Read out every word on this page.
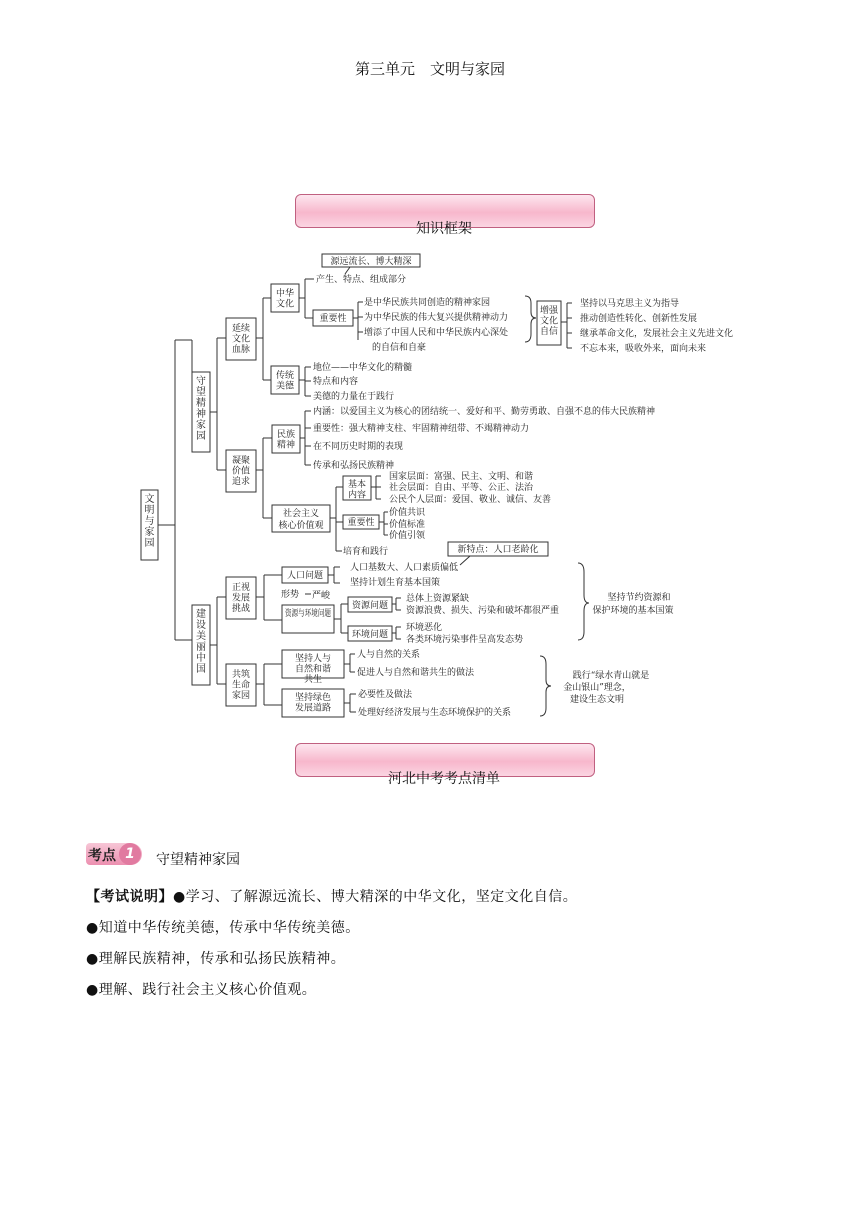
第三单元　文明与家园
知识框架
文明与家园
守望精神家园
建设美丽中国
延续文化血脉
凝聚价值追求
正视发展挑战
共筑生命家园
中华文化
传统美德
源远流长、博大精深
产生、特点、组成部分
重要性
是中华民族共同创造的精神家园
为中华民族的伟大复兴提供精神动力
增添了中国人民和中华民族内心深处
的自信和自豪
增强文化自信
坚持以马克思主义为指导
推动创造性转化、创新性发展
继承革命文化，发展社会主义先进文化
不忘本来，吸收外来，面向未来
地位——中华文化的精髓
特点和内容
美德的力量在于践行
民族精神
内涵：以爱国主义为核心的团结统一、爱好和平、勤劳勇敢、自强不息的伟大民族精神
重要性：强大精神支柱、牢固精神纽带、不竭精神动力
在不同历史时期的表现
传承和弘扬民族精神
社会主义
核心价值观
基本内容
国家层面：富强、民主、文明、和谐
社会层面：自由、平等、公正、法治
公民个人层面：爱国、敬业、诚信、友善
重要性
价值共识
价值标准
价值引领
培育和践行
人口问题
新特点：人口老龄化
人口基数大、人口素质偏低
坚持计划生育基本国策
形势 严峻
资源与环境问题
资源问题
总体上资源紧缺
资源浪费、损失、污染和破坏都很严重
环境问题
环境恶化
各类环境污染事件呈高发态势
坚持节约资源和
保护环境的基本国策
坚持人与自然和谐共生
人与自然的关系
促进人与自然和谐共生的做法
坚持绿色发展道路
必要性及做法
处理好经济发展与生态环境保护的关系
践行“绿水青山就是
金山银山”理念，
建设生态文明
河北中考考点清单
考点 1	守望精神家园
【考试说明】●学习、了解源远流长、博大精深的中华文化，坚定文化自信。
●知道中华传统美德，传承中华传统美德。
●理解民族精神，传承和弘扬民族精神。
●理解、践行社会主义核心价值观。
